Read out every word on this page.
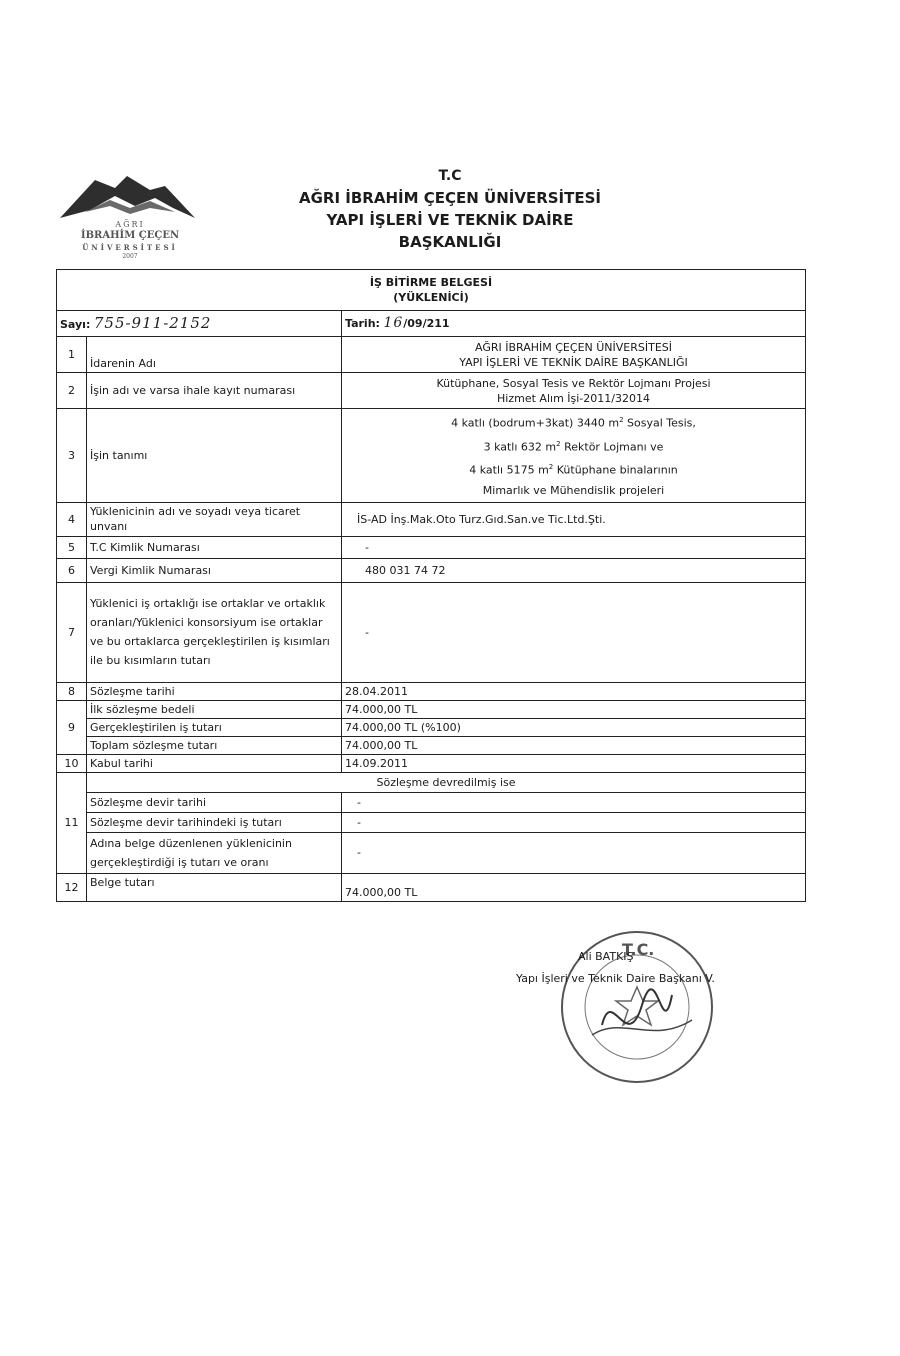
AĞRI
İBRAHİM ÇEÇEN
ÜNİVERSİTESİ
2007
T.C
AĞRI İBRAHİM ÇEÇEN ÜNİVERSİTESİ
YAPI İŞLERİ VE TEKNİK DAİRE BAŞKANLIĞI
İŞ BİTİRME BELGESİ
(YÜKLENİCİ)		

Sayı: 755-911-2152		Tarih: 16/09/211
1	İdarenin Adı	AĞRI İBRAHİM ÇEÇEN ÜNİVERSİTESİ
YAPI İŞLERİ VE TEKNİK DAİRE BAŞKANLIĞI

2	İşin adı ve varsa ihale kayıt numarası	Kütüphane, Sosyal Tesis ve Rektör Lojmanı Projesi
Hizmet Alım İşi-2011/32014

3	İşin tanımı	4 katlı (bodrum+3kat) 3440 $m^2$ Sosyal Tesis,
3 katlı 632 $m^2$ Rektör Lojmanı ve
4 katlı 5175 $m^2$ Kütüphane binalarının
Mimarlık ve Mühendislik projeleri

4	Yüklenicinin adı ve soyadı veya ticaret unvanı	İS-AD İnş.Mak.Oto Turz.Gıd.San.ve Tic.Ltd.Şti.
5	T.C Kimlik Numarası	-
6	Vergi Kimlik Numarası	480 031 74 72
7	Yüklenici iş ortaklığı ise ortaklar ve ortaklık oranları/Yüklenici konsorsiyum ise ortaklar ve bu ortaklarca gerçekleştirilen iş kısımları ile bu kısımların tutarı	-
8	Sözleşme tarihi	28.04.2011
9	İlk sözleşme bedeli	74.000,00 TL
	Gerçekleştirilen iş tutarı	74.000,00 TL (%100)
	Toplam sözleşme tutarı	74.000,00 TL
10	Kabul tarihi	14.09.2011
11	Sözleşme devredilmiş ise	
	Sözleşme devir tarihi	-
	Sözleşme devir tarihindeki iş tutarı	-
	Adına belge düzenlenen yüklenicinin gerçekleştirdiği iş tutarı ve oranı	-
12	Belge tutarı	74.000,00 TL
T.C.
Ali BATKIŞ
Yapı İşleri ve Teknik Daire Başkanı V.
